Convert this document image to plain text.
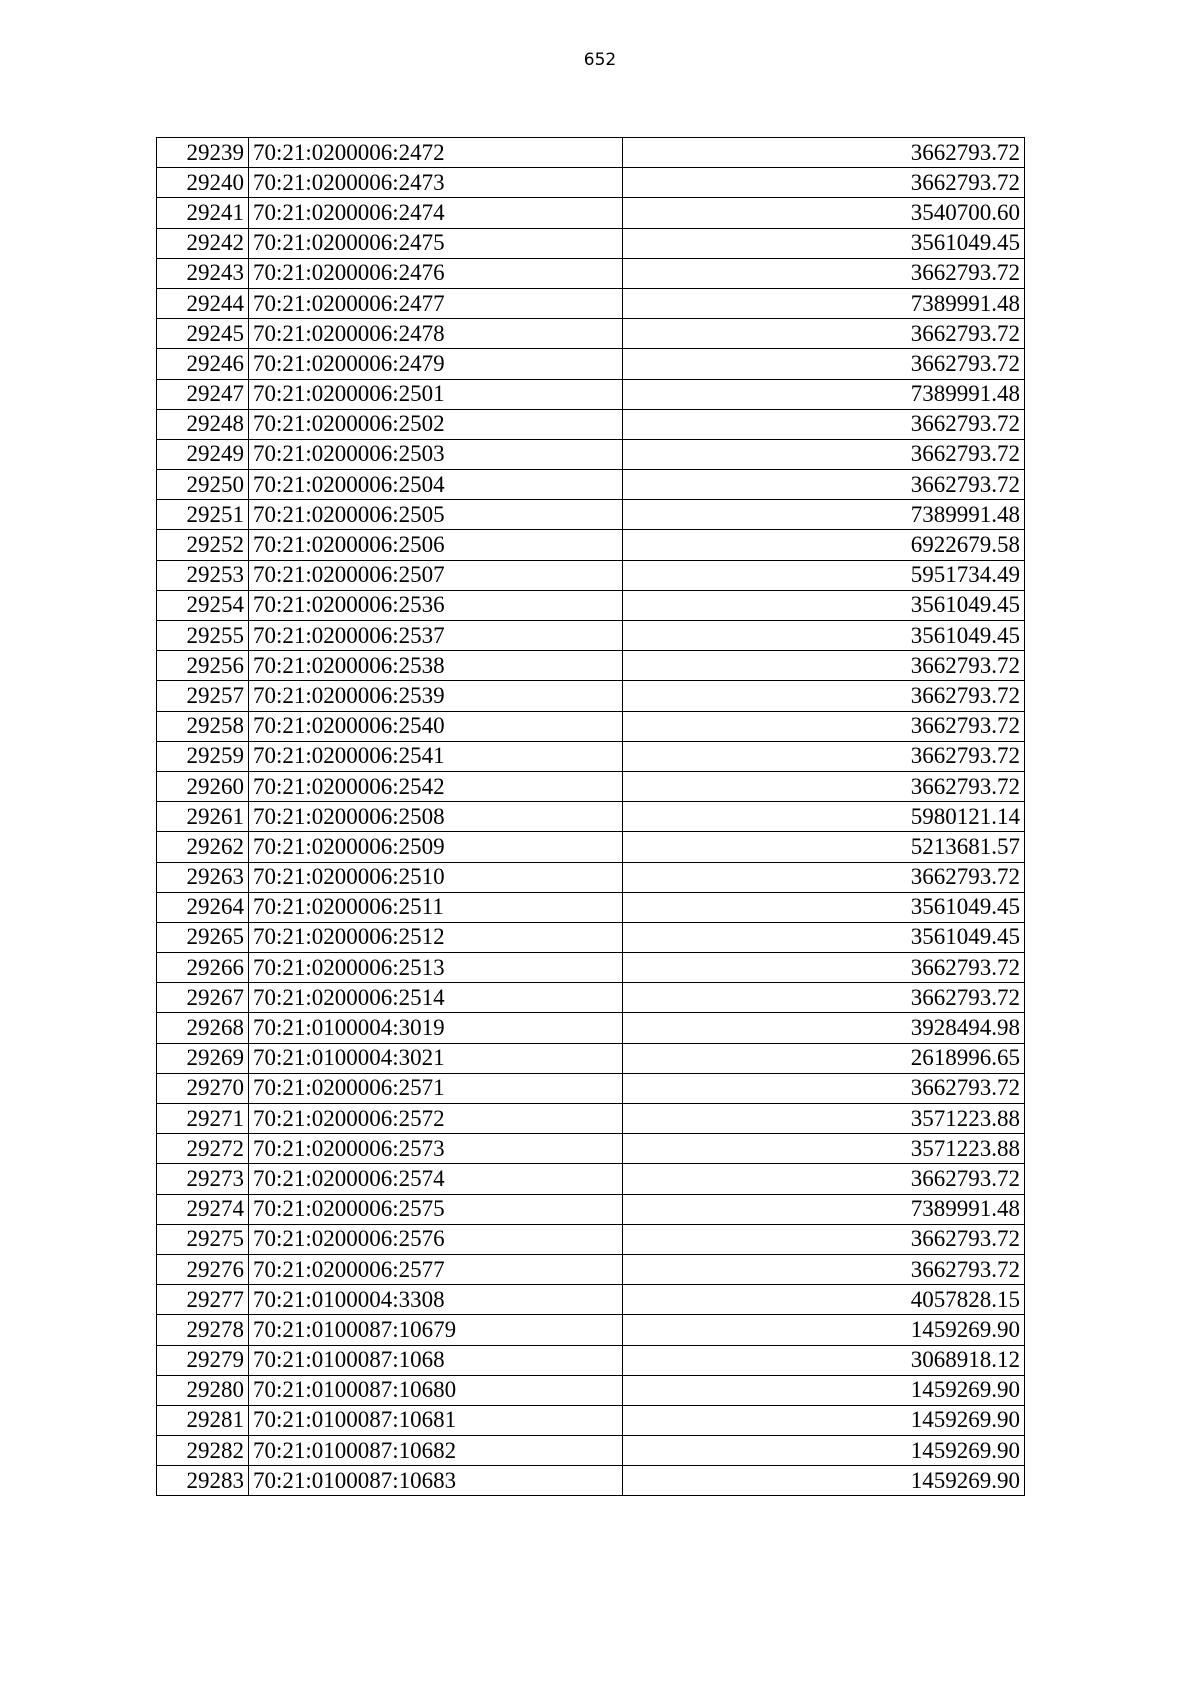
652
29239	70:21:0200006:2472	3662793.72
29240	70:21:0200006:2473	3662793.72
29241	70:21:0200006:2474	3540700.60
29242	70:21:0200006:2475	3561049.45
29243	70:21:0200006:2476	3662793.72
29244	70:21:0200006:2477	7389991.48
29245	70:21:0200006:2478	3662793.72
29246	70:21:0200006:2479	3662793.72
29247	70:21:0200006:2501	7389991.48
29248	70:21:0200006:2502	3662793.72
29249	70:21:0200006:2503	3662793.72
29250	70:21:0200006:2504	3662793.72
29251	70:21:0200006:2505	7389991.48
29252	70:21:0200006:2506	6922679.58
29253	70:21:0200006:2507	5951734.49
29254	70:21:0200006:2536	3561049.45
29255	70:21:0200006:2537	3561049.45
29256	70:21:0200006:2538	3662793.72
29257	70:21:0200006:2539	3662793.72
29258	70:21:0200006:2540	3662793.72
29259	70:21:0200006:2541	3662793.72
29260	70:21:0200006:2542	3662793.72
29261	70:21:0200006:2508	5980121.14
29262	70:21:0200006:2509	5213681.57
29263	70:21:0200006:2510	3662793.72
29264	70:21:0200006:2511	3561049.45
29265	70:21:0200006:2512	3561049.45
29266	70:21:0200006:2513	3662793.72
29267	70:21:0200006:2514	3662793.72
29268	70:21:0100004:3019	3928494.98
29269	70:21:0100004:3021	2618996.65
29270	70:21:0200006:2571	3662793.72
29271	70:21:0200006:2572	3571223.88
29272	70:21:0200006:2573	3571223.88
29273	70:21:0200006:2574	3662793.72
29274	70:21:0200006:2575	7389991.48
29275	70:21:0200006:2576	3662793.72
29276	70:21:0200006:2577	3662793.72
29277	70:21:0100004:3308	4057828.15
29278	70:21:0100087:10679	1459269.90
29279	70:21:0100087:1068	3068918.12
29280	70:21:0100087:10680	1459269.90
29281	70:21:0100087:10681	1459269.90
29282	70:21:0100087:10682	1459269.90
29283	70:21:0100087:10683	1459269.90
